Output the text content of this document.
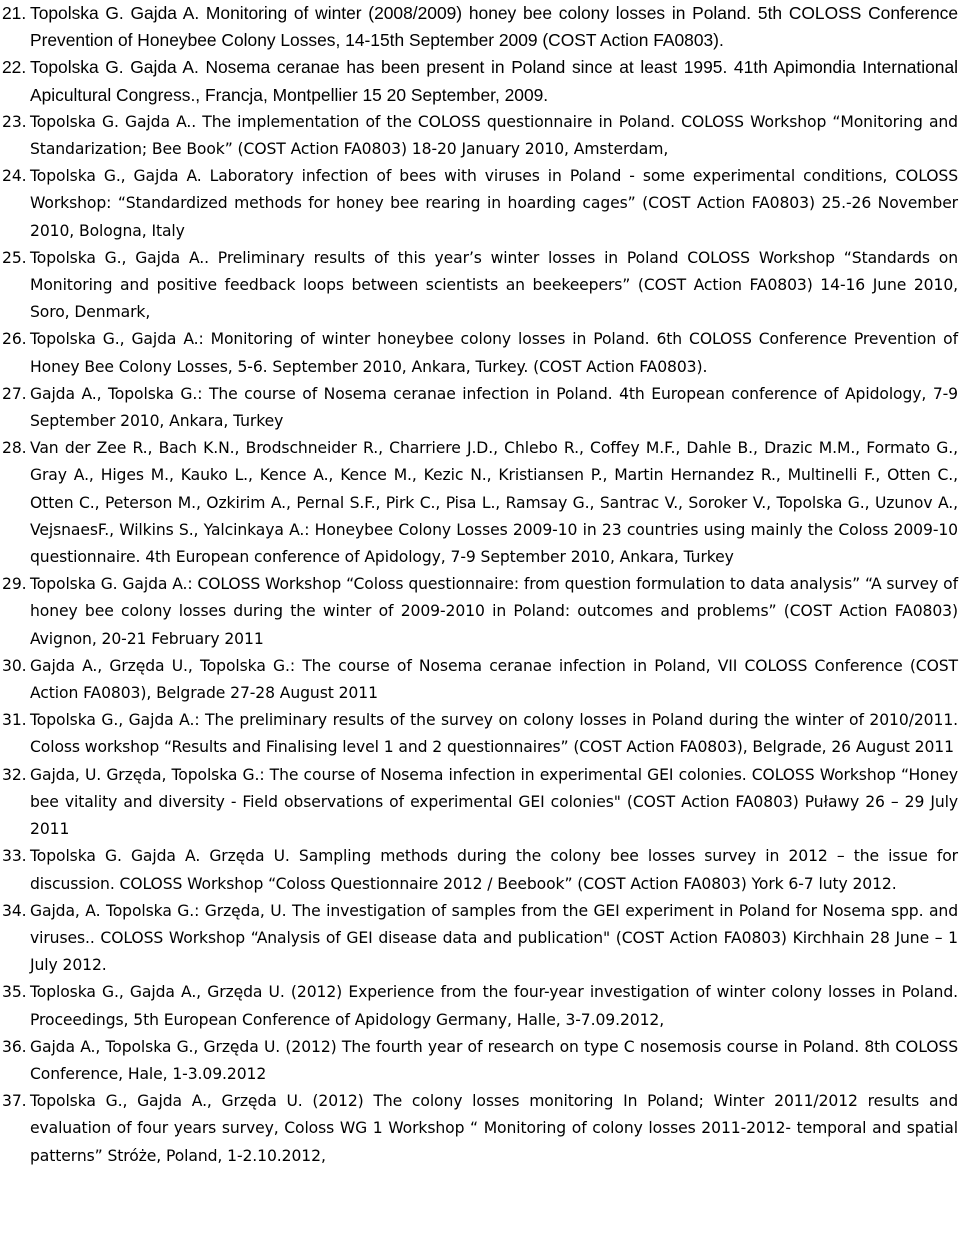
21. Topolska G. Gajda A. Monitoring of winter (2008/2009) honey bee colony losses in Poland. 5th COLOSS Conference Prevention of Honeybee Colony Losses, 14-15th September 2009 (COST Action FA0803).
22. Topolska G. Gajda A. Nosema ceranae has been present in Poland since at least 1995. 41th Apimondia International Apicultural Congress., Francja, Montpellier 15 20 September, 2009.
23. Topolska G. Gajda A.. The implementation of the COLOSS questionnaire in Poland. COLOSS Workshop “Monitoring and Standarization; Bee Book” (COST Action FA0803) 18-20 January 2010, Amsterdam,
24. Topolska G., Gajda A. Laboratory infection of bees with viruses in Poland - some experimental conditions, COLOSS Workshop: “Standardized methods for honey bee rearing in hoarding cages” (COST Action FA0803) 25.-26 November 2010, Bologna, Italy
25. Topolska G., Gajda A.. Preliminary results of this year’s winter losses in Poland COLOSS Workshop “Standards on Monitoring and positive feedback loops between scientists an beekeepers” (COST Action FA0803) 14-16 June 2010, Soro, Denmark,
26. Topolska G., Gajda A.: Monitoring of winter honeybee colony losses in Poland. 6th COLOSS Conference Prevention of Honey Bee Colony Losses, 5-6. September 2010, Ankara, Turkey. (COST Action FA0803).
27. Gajda A., Topolska G.: The course of Nosema ceranae infection in Poland. 4th European conference of Apidology, 7-9 September 2010, Ankara, Turkey
28. Van der Zee R., Bach K.N., Brodschneider R., Charriere J.D., Chlebo R., Coffey M.F., Dahle B., Drazic M.M., Formato G., Gray A., Higes M., Kauko L., Kence A., Kence M., Kezic N., Kristiansen P., Martin Hernandez R., Multinelli F., Otten C., Otten C., Peterson M., Ozkirim A., Pernal S.F., Pirk C., Pisa L., Ramsay G., Santrac V., Soroker V., Topolska G., Uzunov A., VejsnaesF., Wilkins S., Yalcinkaya A.: Honeybee Colony Losses 2009-10 in 23 countries using mainly the Coloss 2009-10 questionnaire. 4th European conference of Apidology, 7-9 September 2010, Ankara, Turkey
29. Topolska G. Gajda A.: COLOSS Workshop “Coloss questionnaire: from question formulation to data analysis” “A survey of honey bee colony losses during the winter of 2009-2010 in Poland: outcomes and problems” (COST Action FA0803) Avignon, 20-21 February 2011
30. Gajda A., Grzęda U., Topolska G.: The course of Nosema ceranae infection in Poland, VII COLOSS Conference (COST Action FA0803), Belgrade 27-28 August 2011
31. Topolska G., Gajda A.: The preliminary results of the survey on colony losses in Poland during the winter of 2010/2011. Coloss workshop “Results and Finalising level 1 and 2 questionnaires” (COST Action FA0803), Belgrade, 26 August 2011
32. Gajda, U. Grzęda, Topolska G.: The course of Nosema infection in experimental GEI colonies. COLOSS Workshop “Honey bee vitality and diversity - Field observations of experimental GEI colonies" (COST Action FA0803) Puławy 26 – 29 July 2011
33. Topolska G. Gajda A. Grzęda U. Sampling methods during the colony bee losses survey in 2012 – the issue for discussion. COLOSS Workshop “Coloss Questionnaire 2012 / Beebook” (COST Action FA0803) York 6-7 luty 2012.
34. Gajda, A. Topolska G.: Grzęda, U. The investigation of samples from the GEI experiment in Poland for Nosema spp. and viruses.. COLOSS Workshop “Analysis of GEI disease data and publication" (COST Action FA0803) Kirchhain 28 June – 1 July 2012.
35. Toploska G., Gajda A., Grzęda U. (2012) Experience from the four-year investigation of winter colony losses in Poland. Proceedings, 5th European Conference of Apidology Germany, Halle, 3-7.09.2012,
36. Gajda A., Topolska G., Grzęda U. (2012) The fourth year of research on type C nosemosis course in Poland. 8th COLOSS Conference, Hale, 1-3.09.2012
37. Topolska G., Gajda A., Grzęda U. (2012) The colony losses monitoring In Poland; Winter 2011/2012 results and evaluation of four years survey, Coloss WG 1 Workshop “ Monitoring of colony losses 2011-2012- temporal and spatial patterns” Stróże, Poland, 1-2.10.2012,
